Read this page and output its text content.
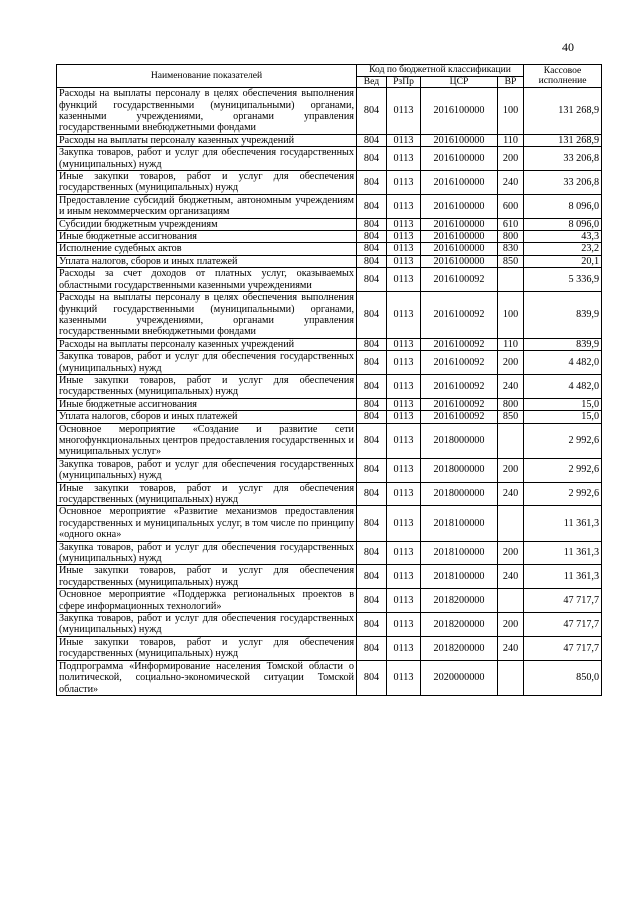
40
Наименование показателей	Код по бюджетной классификации				Кассовое исполнение
	Вед	РзПр	ЦСР	ВР	
Расходы на выплаты персоналу в целях обеспечения выполнения функций государственными (муниципальными) органами, казенными учреждениями, органами управления государственными внебюджетными фондами	804	0113	2016100000	100	131 268,9
Расходы на выплаты персоналу казенных учреждений	804	0113	2016100000	110	131 268,9
Закупка товаров, работ и услуг для обеспечения государственных (муниципальных) нужд	804	0113	2016100000	200	33 206,8
Иные закупки товаров, работ и услуг для обеспечения государственных (муниципальных) нужд	804	0113	2016100000	240	33 206,8
Предоставление субсидий бюджетным, автономным учреждениям и иным некоммерческим организациям	804	0113	2016100000	600	8 096,0
Субсидии бюджетным учреждениям	804	0113	2016100000	610	8 096,0
Иные бюджетные ассигнования	804	0113	2016100000	800	43,3
Исполнение судебных актов	804	0113	2016100000	830	23,2
Уплата налогов, сборов и иных платежей	804	0113	2016100000	850	20,1
Расходы за счет доходов от платных услуг, оказываемых областными государственными казенными учреждениями	804	0113	2016100092		5 336,9
Расходы на выплаты персоналу в целях обеспечения выполнения функций государственными (муниципальными) органами, казенными учреждениями, органами управления государственными внебюджетными фондами	804	0113	2016100092	100	839,9
Расходы на выплаты персоналу казенных учреждений	804	0113	2016100092	110	839,9
Закупка товаров, работ и услуг для обеспечения государственных (муниципальных) нужд	804	0113	2016100092	200	4 482,0
Иные закупки товаров, работ и услуг для обеспечения государственных (муниципальных) нужд	804	0113	2016100092	240	4 482,0
Иные бюджетные ассигнования	804	0113	2016100092	800	15,0
Уплата налогов, сборов и иных платежей	804	0113	2016100092	850	15,0
Основное мероприятие «Создание и развитие сети многофункциональных центров предоставления государственных и муниципальных услуг»	804	0113	2018000000		2 992,6
Закупка товаров, работ и услуг для обеспечения государственных (муниципальных) нужд	804	0113	2018000000	200	2 992,6
Иные закупки товаров, работ и услуг для обеспечения государственных (муниципальных) нужд	804	0113	2018000000	240	2 992,6
Основное мероприятие «Развитие механизмов предоставления государственных и муниципальных услуг, в том числе по принципу «одного окна»	804	0113	2018100000		11 361,3
Закупка товаров, работ и услуг для обеспечения государственных (муниципальных) нужд	804	0113	2018100000	200	11 361,3
Иные закупки товаров, работ и услуг для обеспечения государственных (муниципальных) нужд	804	0113	2018100000	240	11 361,3
Основное мероприятие «Поддержка региональных проектов в сфере информационных технологий»	804	0113	2018200000		47 717,7
Закупка товаров, работ и услуг для обеспечения государственных (муниципальных) нужд	804	0113	2018200000	200	47 717,7
Иные закупки товаров, работ и услуг для обеспечения государственных (муниципальных) нужд	804	0113	2018200000	240	47 717,7
Подпрограмма «Информирование населения Томской области о политической, социально-экономической ситуации Томской области»	804	0113	2020000000		850,0
